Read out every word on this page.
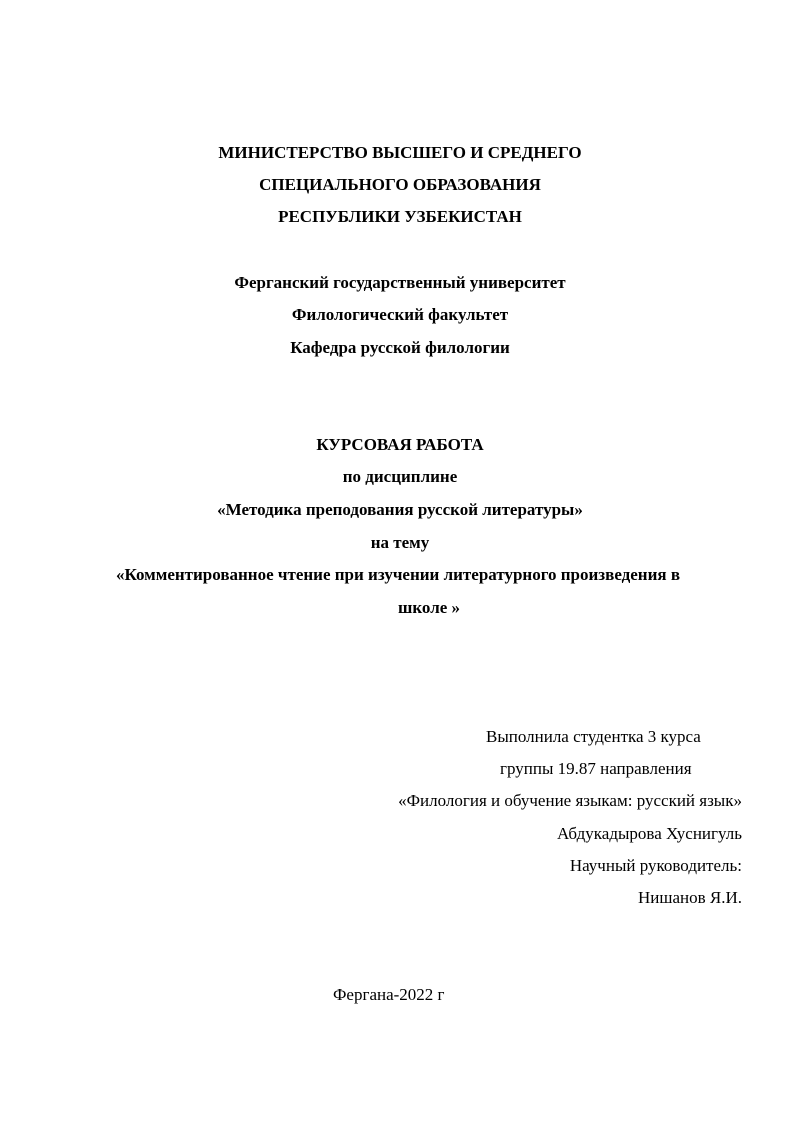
МИНИСТЕРСТВО ВЫСШЕГО И СРЕДНЕГО
СПЕЦИАЛЬНОГО ОБРАЗОВАНИЯ
РЕСПУБЛИКИ УЗБЕКИСТАН
Ферганский государственный университет
Филологический факультет
Кафедра русской филологии
КУРСОВАЯ РАБОТА
по дисциплине
«Методика преподования русской литературы»
на тему
«Комментированное чтение при изучении литературного произведения в
школе »
Выполнила студентка 3 курса
группы 19.87 направления
«Филология и обучение языкам: русский язык»
Абдукадырова Хуснигуль
Научный руководитель:
Нишанов Я.И.
Фергана-2022 г
